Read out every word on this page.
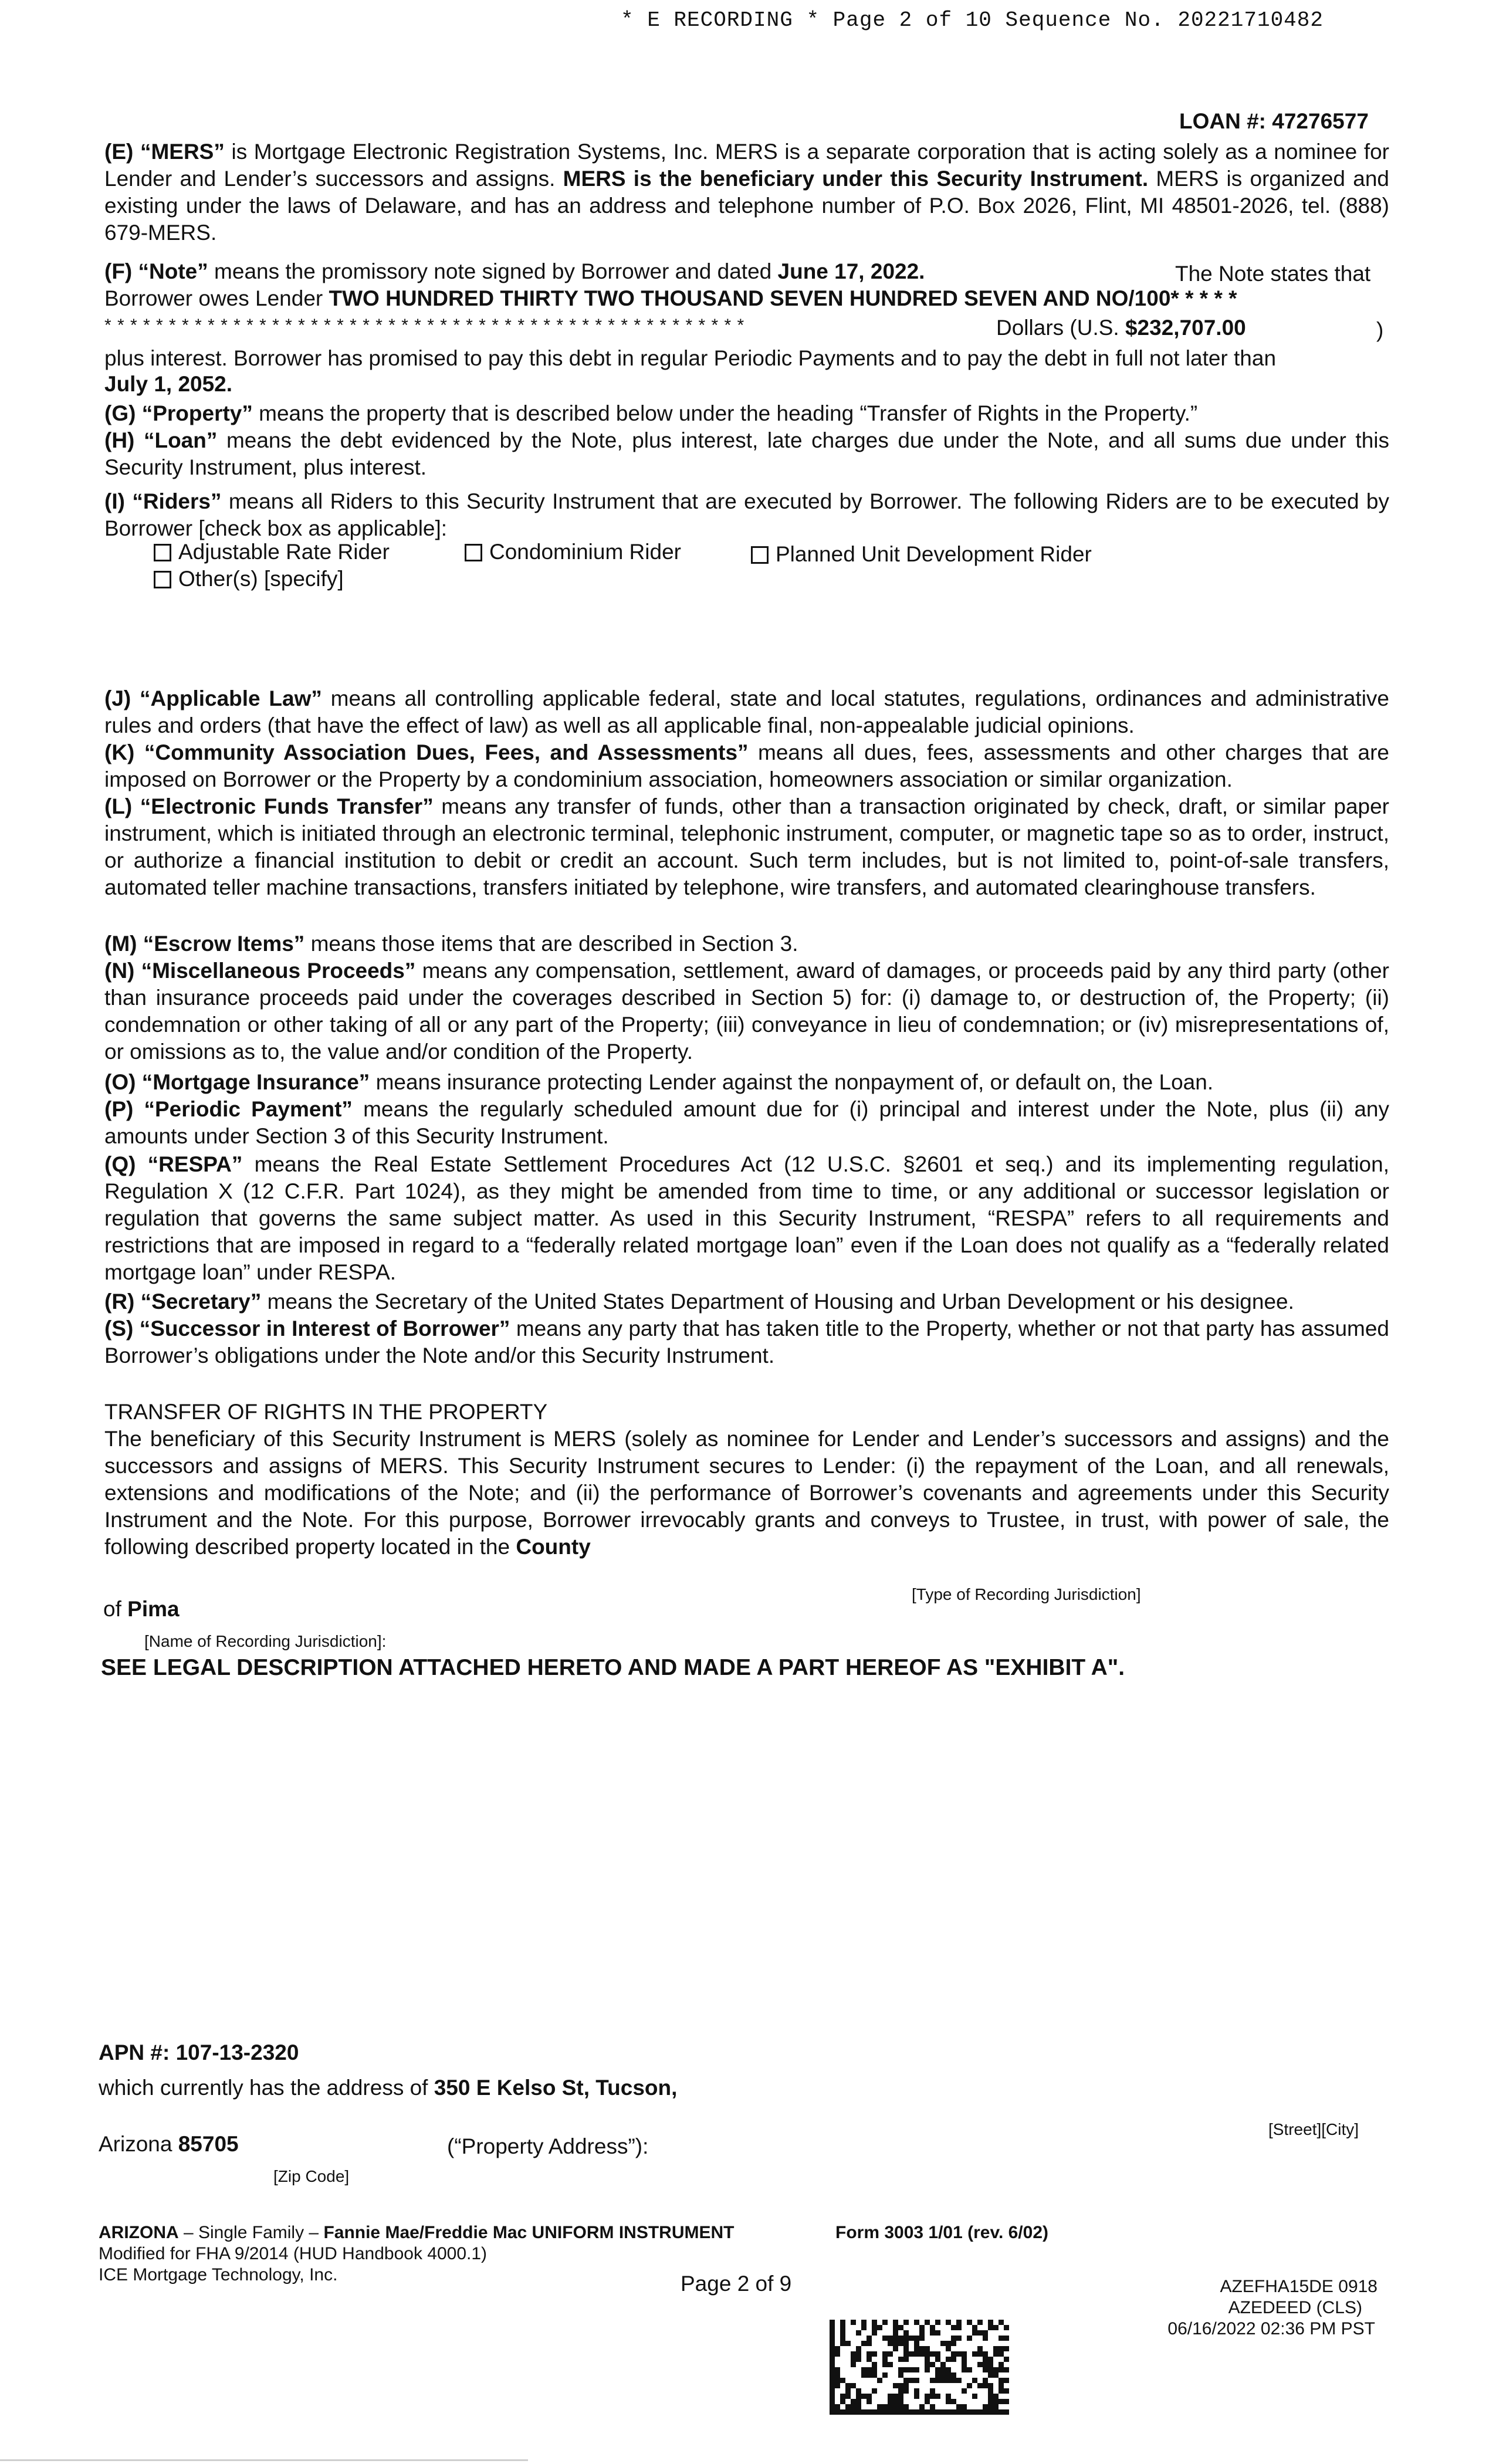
* E RECORDING * Page 2 of 10 Sequence No. 20221710482
LOAN #: 47276577
(E) “MERS” is Mortgage Electronic Registration Systems, Inc. MERS is a separate corporation that is acting solely as a nominee for Lender and Lender’s successors and assigns. MERS is the beneficiary under this Security Instrument. MERS is organized and existing under the laws of Delaware, and has an address and telephone number of P.O. Box 2026, Flint, MI 48501-2026, tel. (888) 679-MERS.
(F) “Note” means the promissory note signed by Borrower and dated June 17, 2022.	The Note states that
Borrower owes Lender TWO HUNDRED THIRTY TWO THOUSAND SEVEN HUNDRED SEVEN AND NO/100* * * * *
* * * * * * * * * * * * * * * * * * * * * * * * * * * * * * * * * * * * * * * * * * * * * * * * * *	Dollars (U.S. $232,707.00	)
plus interest. Borrower has promised to pay this debt in regular Periodic Payments and to pay the debt in full not later than
July 1, 2052.
(G) “Property” means the property that is described below under the heading “Transfer of Rights in the Property.”
(H) “Loan” means the debt evidenced by the Note, plus interest, late charges due under the Note, and all sums due under this Security Instrument, plus interest.
(I) “Riders” means all Riders to this Security Instrument that are executed by Borrower. The following Riders are to be executed by Borrower [check box as applicable]:
Adjustable Rate Rider	Condominium Rider	Planned Unit Development Rider
Other(s) [specify]
(J) “Applicable Law” means all controlling applicable federal, state and local statutes, regulations, ordinances and administrative rules and orders (that have the effect of law) as well as all applicable final, non-appealable judicial opinions.
(K) “Community Association Dues, Fees, and Assessments” means all dues, fees, assessments and other charges that are imposed on Borrower or the Property by a condominium association, homeowners association or similar organization.
(L) “Electronic Funds Transfer” means any transfer of funds, other than a transaction originated by check, draft, or similar paper instrument, which is initiated through an electronic terminal, telephonic instrument, computer, or magnetic tape so as to order, instruct, or authorize a financial institution to debit or credit an account. Such term includes, but is not limited to, point-of-sale transfers, automated teller machine transactions, transfers initiated by telephone, wire transfers, and automated clearinghouse transfers.
(M) “Escrow Items” means those items that are described in Section 3.
(N) “Miscellaneous Proceeds” means any compensation, settlement, award of damages, or proceeds paid by any third party (other than insurance proceeds paid under the coverages described in Section 5) for: (i) damage to, or destruction of, the Property; (ii) condemnation or other taking of all or any part of the Property; (iii) conveyance in lieu of condemnation; or (iv) misrepresentations of, or omissions as to, the value and/or condition of the Property.
(O) “Mortgage Insurance” means insurance protecting Lender against the nonpayment of, or default on, the Loan.
(P) “Periodic Payment” means the regularly scheduled amount due for (i) principal and interest under the Note, plus (ii) any amounts under Section 3 of this Security Instrument.
(Q) “RESPA” means the Real Estate Settlement Procedures Act (12 U.S.C. §2601 et seq.) and its implementing regulation, Regulation X (12 C.F.R. Part 1024), as they might be amended from time to time, or any additional or successor legislation or regulation that governs the same subject matter. As used in this Security Instrument, “RESPA” refers to all requirements and restrictions that are imposed in regard to a “federally related mortgage loan” even if the Loan does not qualify as a “federally related mortgage loan” under RESPA.
(R) “Secretary” means the Secretary of the United States Department of Housing and Urban Development or his designee.
(S) “Successor in Interest of Borrower” means any party that has taken title to the Property, whether or not that party has assumed Borrower’s obligations under the Note and/or this Security Instrument.
TRANSFER OF RIGHTS IN THE PROPERTY
The beneficiary of this Security Instrument is MERS (solely as nominee for Lender and Lender’s successors and assigns) and the successors and assigns of MERS. This Security Instrument secures to Lender: (i) the repayment of the Loan, and all renewals, extensions and modifications of the Note; and (ii) the performance of Borrower’s covenants and agreements under this Security Instrument and the Note. For this purpose, Borrower irrevocably grants and conveys to Trustee, in trust, with power of sale, the following described property located in the County
[Type of Recording Jurisdiction]
of Pima
[Name of Recording Jurisdiction]:
SEE LEGAL DESCRIPTION ATTACHED HERETO AND MADE A PART HEREOF AS "EXHIBIT A".
APN #: 107-13-2320
which currently has the address of 350 E Kelso St, Tucson,
[Street][City]
Arizona 85705	(“Property Address”):
[Zip Code]
ARIZONA – Single Family – Fannie Mae/Freddie Mac UNIFORM INSTRUMENT	Form 3003 1/01 (rev. 6/02)
Modified for FHA 9/2014 (HUD Handbook 4000.1)
ICE Mortgage Technology, Inc.	Page 2 of 9	AZEFHA15DE 0918
AZEDEED (CLS)
06/16/2022 02:36 PM PST
